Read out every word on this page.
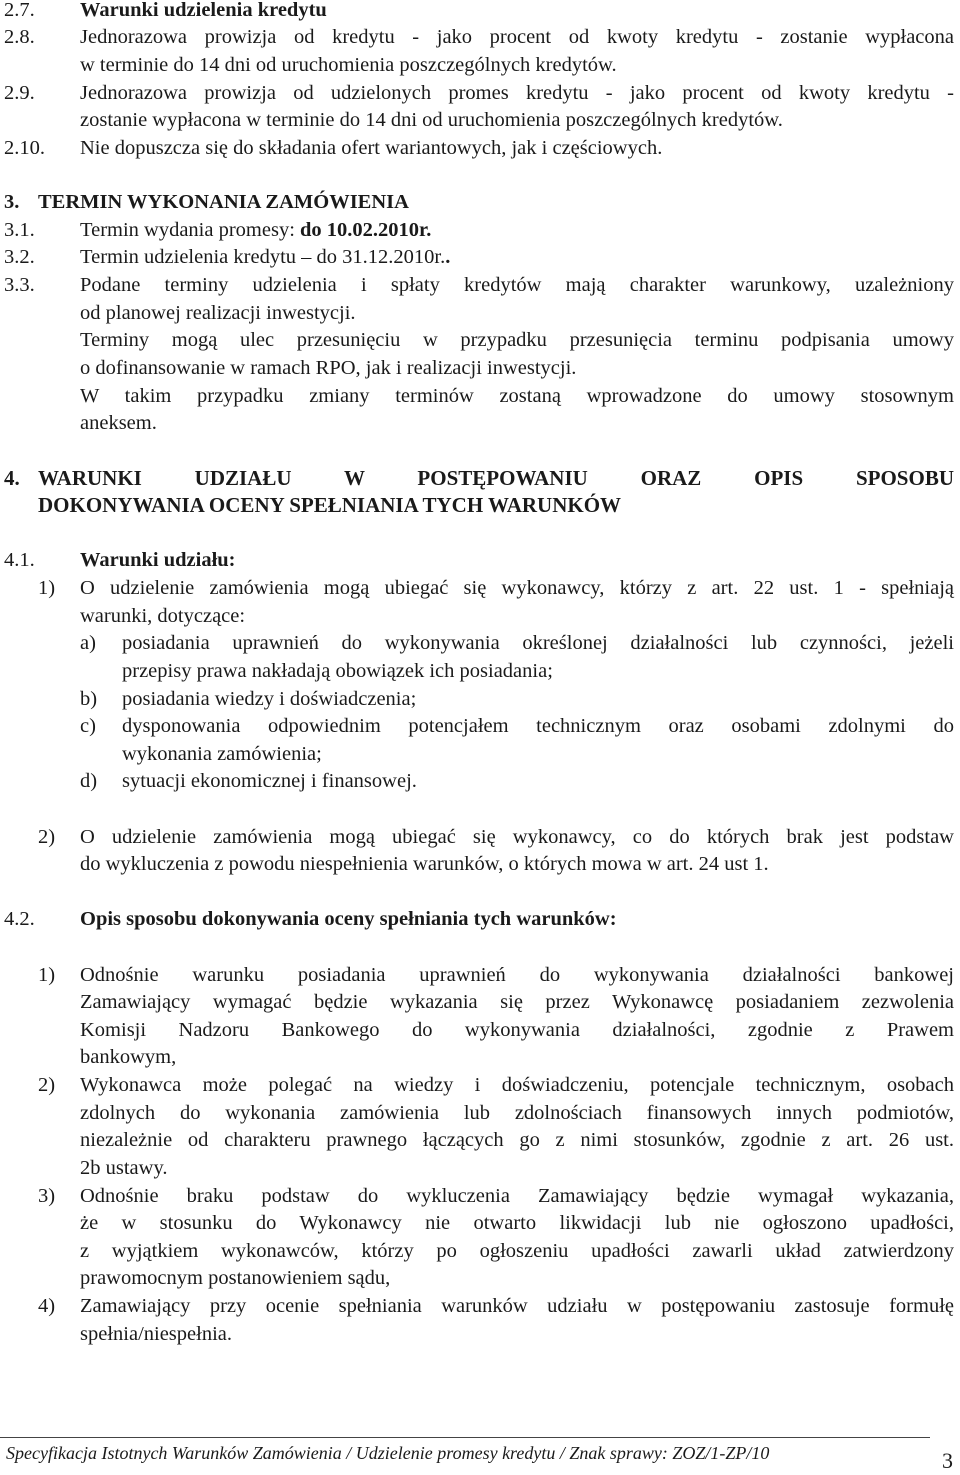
2.7. Warunki udzielenia kredytu
2.8. Jednorazowa prowizja od kredytu - jako procent od kwoty kredytu - zostanie wypłacona
w terminie do 14 dni od uruchomienia poszczególnych kredytów.
2.9. Jednorazowa prowizja od udzielonych promes kredytu - jako procent od kwoty kredytu -
zostanie wypłacona w terminie do 14 dni od uruchomienia poszczególnych kredytów.
2.10. Nie dopuszcza się do składania ofert wariantowych, jak i częściowych.
3. TERMIN WYKONANIA ZAMÓWIENIA
3.1. Termin wydania promesy: do 10.02.2010r.
3.2. Termin udzielenia kredytu – do 31.12.2010r..
3.3. Podane terminy udzielenia i spłaty kredytów mają charakter warunkowy, uzależniony
od planowej realizacji inwestycji.
Terminy mogą ulec przesunięciu w przypadku przesunięcia terminu podpisania umowy
o dofinansowanie w ramach RPO, jak i realizacji inwestycji.
W takim przypadku zmiany terminów zostaną wprowadzone do umowy stosownym
aneksem.
4. WARUNKI UDZIAŁU W POSTĘPOWANIU ORAZ OPIS SPOSOBU
DOKONYWANIA OCENY SPEŁNIANIA TYCH WARUNKÓW
4.1. Warunki udziału:
1) O udzielenie zamówienia mogą ubiegać się wykonawcy, którzy z art. 22 ust. 1 - spełniają
warunki, dotyczące:
a) posiadania uprawnień do wykonywania określonej działalności lub czynności, jeżeli
przepisy prawa nakładają obowiązek ich posiadania;
b) posiadania wiedzy i doświadczenia;
c) dysponowania odpowiednim potencjałem technicznym oraz osobami zdolnymi do
wykonania zamówienia;
d) sytuacji ekonomicznej i finansowej.
2) O udzielenie zamówienia mogą ubiegać się wykonawcy, co do których brak jest podstaw
do wykluczenia z powodu niespełnienia warunków, o których mowa w art. 24 ust 1.
4.2. Opis sposobu dokonywania oceny spełniania tych warunków:
1) Odnośnie warunku posiadania uprawnień do wykonywania działalności bankowej
Zamawiający wymagać będzie wykazania się przez Wykonawcę posiadaniem zezwolenia
Komisji Nadzoru Bankowego do wykonywania działalności, zgodnie z Prawem
bankowym,
2) Wykonawca może polegać na wiedzy i doświadczeniu, potencjale technicznym, osobach
zdolnych do wykonania zamówienia lub zdolnościach finansowych innych podmiotów,
niezależnie od charakteru prawnego łączących go z nimi stosunków, zgodnie z art. 26 ust.
2b ustawy.
3) Odnośnie braku podstaw do wykluczenia Zamawiający będzie wymagał wykazania,
że w stosunku do Wykonawcy nie otwarto likwidacji lub nie ogłoszono upadłości,
z wyjątkiem wykonawców, którzy po ogłoszeniu upadłości zawarli układ zatwierdzony
prawomocnym postanowieniem sądu,
4) Zamawiający przy ocenie spełniania warunków udziału w postępowaniu zastosuje formułę
spełnia/niespełnia.
Specyfikacja Istotnych Warunków Zamówienia / Udzielenie promesy kredytu / Znak sprawy: ZOZ/1-ZP/10	3
